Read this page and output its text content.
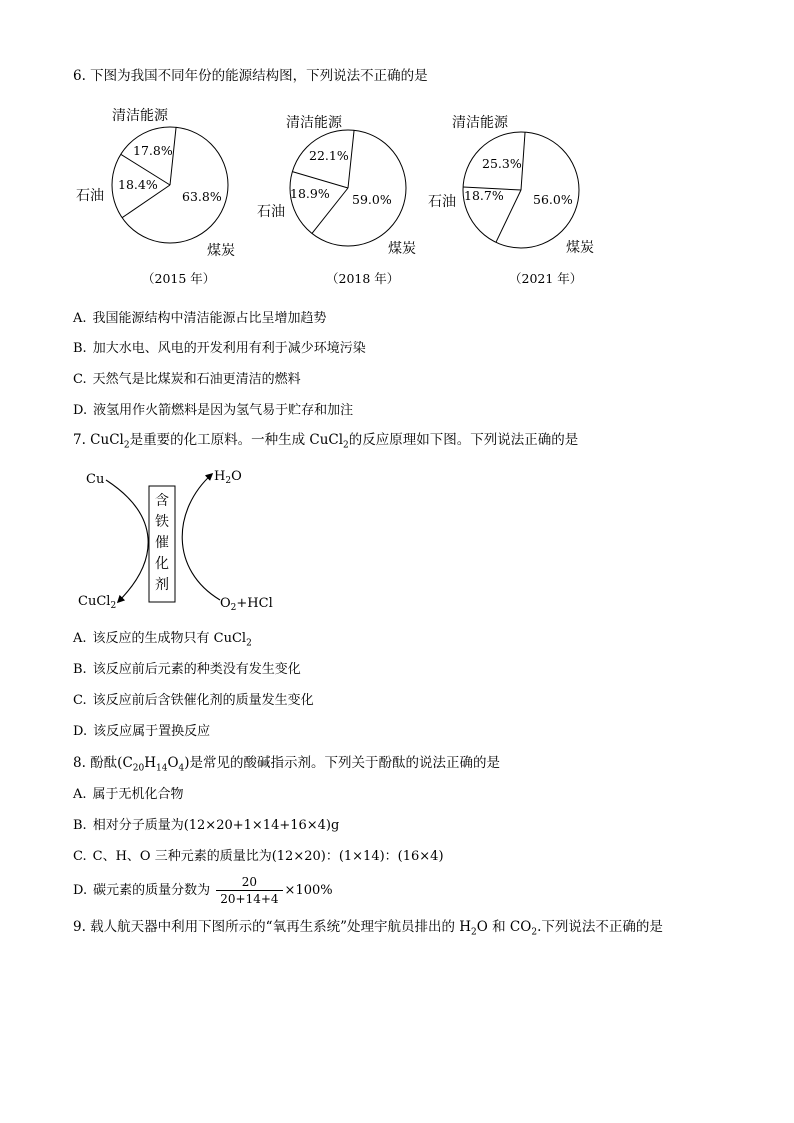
6. 下图为我国不同年份的能源结构图，下列说法不正确的是
清洁能源
石油
煤炭
63.8%
18.4%
17.8%
（2015 年）
清洁能源
石油
煤炭
59.0%
18.9%
22.1%
（2018 年）
清洁能源
石油
煤炭
56.0%
18.7%
25.3%
（2021 年）
A. 我国能源结构中清洁能源占比呈增加趋势
B. 加大水电、风电的开发利用有利于减少环境污染
C. 天然气是比煤炭和石油更清洁的燃料
D. 液氢用作火箭燃料是因为氢气易于贮存和加注
7. CuCl$_2$是重要的化工原料。一种生成 CuCl$_2$的反应原理如下图。下列说法正确的是
Cu	$H_2O$
CuCl$_2$	$O_2+HCl$
含
铁
催
化
剂
A. 该反应的生成物只有 CuCl$_2$
B. 该反应前后元素的种类没有发生变化
C. 该反应前后含铁催化剂的质量发生变化
D. 该反应属于置换反应
8. 酚酞$(C_{20}H_{14}O_4)$是常见的酸碱指示剂。下列关于酚酞的说法正确的是
A. 属于无机化合物
B. 相对分子质量为(12×20+1×14+16×4)g
C. C、H、O 三种元素的质量比为(12×20)：(1×14)：(16×4)
D. 碳元素的质量分数为 $\frac{20}{20+14+4} \times 100\%$
9. 载人航天器中利用下图所示的“氧再生系统”处理宇航员排出的 $H_2O$ 和 $CO_2$.下列说法不正确的是
